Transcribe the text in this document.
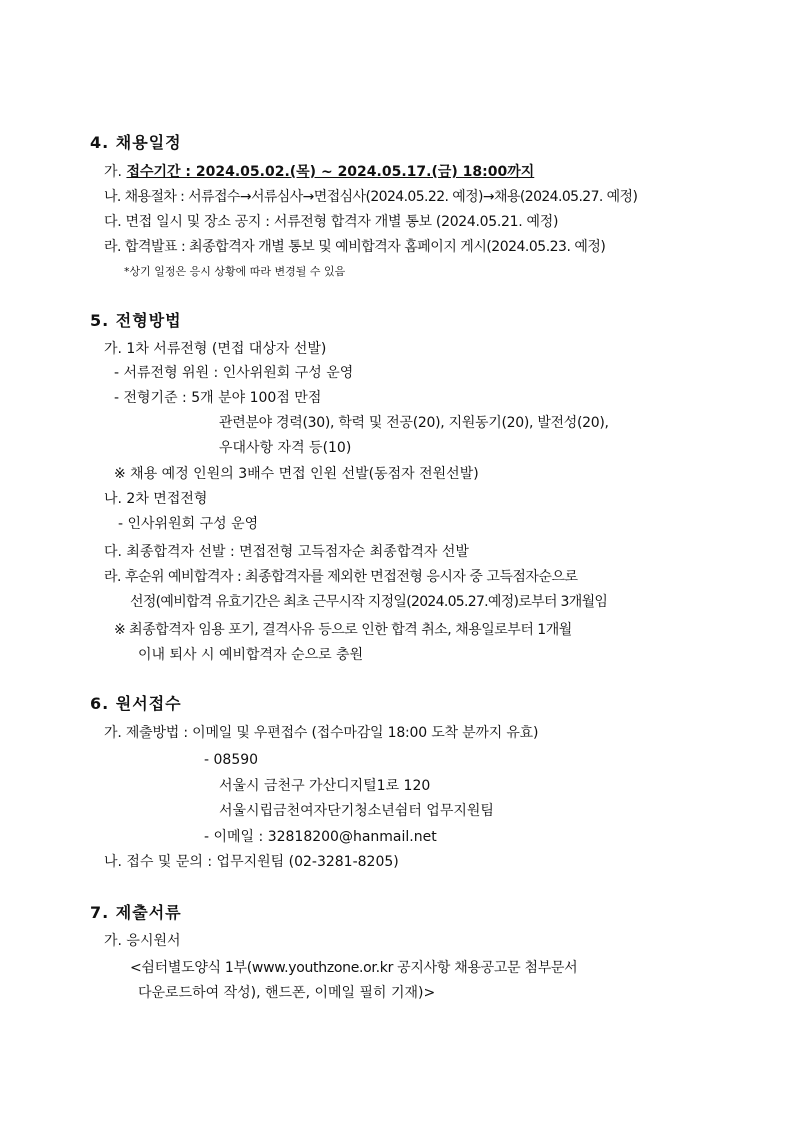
4. 채용일정
가. 접수기간 : 2024.05.02.(목) ~ 2024.05.17.(금) 18:00까지
나. 채용절차 : 서류접수→서류심사→면접심사(2024.05.22. 예정)→채용(2024.05.27. 예정)
다. 면접 일시 및 장소 공지 : 서류전형 합격자 개별 통보 (2024.05.21. 예정)
라. 합격발표 : 최종합격자 개별 통보 및 예비합격자 홈페이지 게시(2024.05.23. 예정)
*상기 일정은 응시 상황에 따라 변경될 수 있음
5. 전형방법
가. 1차 서류전형 (면접 대상자 선발)
- 서류전형 위원 : 인사위원회 구성 운영
- 전형기준 : 5개 분야 100점 만점
관련분야 경력(30), 학력 및 전공(20), 지원동기(20), 발전성(20),
우대사항 자격 등(10)
※ 채용 예정 인원의 3배수 면접 인원 선발(동점자 전원선발)
나. 2차 면접전형
- 인사위원회 구성 운영
다. 최종합격자 선발 : 면접전형 고득점자순 최종합격자 선발
라. 후순위 예비합격자 : 최종합격자를 제외한 면접전형 응시자 중 고득점자순으로
선정(예비합격 유효기간은 최초 근무시작 지정일(2024.05.27.예정)로부터 3개월임
※ 최종합격자 임용 포기, 결격사유 등으로 인한 합격 취소, 채용일로부터 1개월
이내 퇴사 시 예비합격자 순으로 충원
6. 원서접수
가. 제출방법 : 이메일 및 우편접수 (접수마감일 18:00 도착 분까지 유효)
- 08590
서울시 금천구 가산디지털1로 120
서울시립금천여자단기청소년쉼터 업무지원팀
- 이메일 : 32818200@hanmail.net
나. 접수 및 문의 : 업무지원팀 (02-3281-8205)
7. 제출서류
가. 응시원서
<쉼터별도양식 1부(www.youthzone.or.kr 공지사항 채용공고문 첨부문서
다운로드하여 작성), 핸드폰, 이메일 필히 기재)>
